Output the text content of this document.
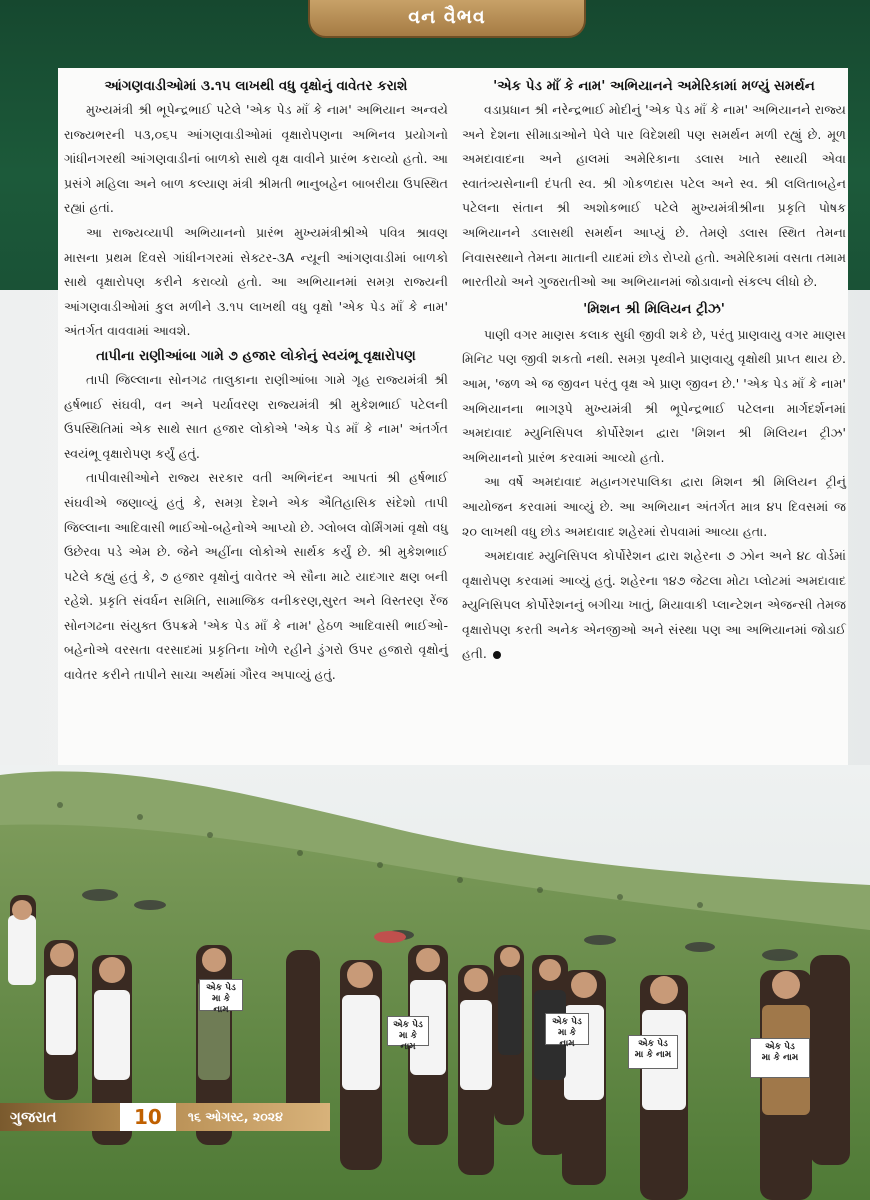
વન વૈભવ
આંગણવાડીઓમાં ૩.૧૫ લાખથી વધુ વૃક્ષોનું વાવેતર કરાશે

મુખ્યમંત્રી શ્રી ભૂપેન્દ્રભાઈ પટેલે 'એક પેડ માઁ કે નામ' અભિયાન અન્વયે રાજ્યભરની ૫૩,૦૬૫ આંગણવાડીઓમાં વૃક્ષારોપણના અભિનવ પ્રયોગનો ગાંધીનગરથી આંગણવાડીનાં બાળકો સાથે વૃક્ષ વાવીને પ્રારંભ કરાવ્યો હતો. આ પ્રસંગે મહિલા અને બાળ કલ્યાણ મંત્રી શ્રીમતી ભાનુબહેન બાબરીયા ઉપસ્થિત રહ્યાં હતાં.

આ રાજ્યવ્યાપી અભિયાનનો પ્રારંભ મુખ્યમંત્રીશ્રીએ પવિત્ર શ્રાવણ માસના પ્રથમ દિવસે ગાંધીનગરમાં સેક્ટર-૩A ન્યૂની આંગણવાડીમાં બાળકો સાથે વૃક્ષારોપણ કરીને કરાવ્યો હતો. આ અભિયાનમાં સમગ્ર રાજ્યની આંગણવાડીઓમાં કુલ મળીને ૩.૧૫ લાખથી વધુ વૃક્ષો 'એક પેડ માઁ કે નામ' અંતર્ગત વાવવામાં આવશે.

તાપીના રાણીઆંબા ગામે ૭ હજાર લોકોનું સ્વયંભૂ વૃક્ષારોપણ

તાપી જિલ્લાના સોનગઢ તાલુકાના રાણીઆંબા ગામે ગૃહ રાજ્યમંત્રી શ્રી હર્ષભાઈ સંઘવી, વન અને પર્યાવરણ રાજ્યમંત્રી શ્રી મુકેશભાઈ પટેલની ઉપસ્થિતિમાં એક સાથે સાત હજાર લોકોએ 'એક પેડ માઁ કે નામ' અંતર્ગત સ્વયંભૂ વૃક્ષારોપણ કર્યું હતું.

તાપીવાસીઓને રાજ્ય સરકાર વતી અભિનંદન આપતાં શ્રી હર્ષભાઈ સંઘવીએ જણાવ્યું હતું કે, સમગ્ર દેશને એક ઐતિહાસિક સંદેશો તાપી જિલ્લાના આદિવાસી ભાઈઓ-બહેનોએ આપ્યો છે. ગ્લોબલ વોર્મિંગમાં વૃક્ષો વધુ ઉછેરવા પડે એમ છે. જેને અહીંના લોકોએ સાર્થક કર્યું છે. શ્રી મુકેશભાઈ પટેલે કહ્યું હતું કે, ૭ હજાર વૃક્ષોનું વાવેતર એ સૌના માટે યાદગાર ક્ષણ બની રહેશે. પ્રકૃતિ સંવર્ધન સમિતિ, સામાજિક વનીકરણ,સુરત અને વિસ્તરણ રેંજ સોનગઢના સંયુક્ત ઉપક્રમે 'એક પેડ માઁ કે નામ' હેઠળ આદિવાસી ભાઈઓ-બહેનોએ વરસતા વરસાદમાં પ્રકૃતિના ખોળે રહીને ડુંગરો ઉપર હજારો વૃક્ષોનું વાવેતર કરીને તાપીને સાચા અર્થમાં ગૌરવ અપાવ્યું હતું.

'એક પેડ માઁ કે નામ' અભિયાનને અમેરિકામાં મળ્યું સમર્થન

વડાપ્રધાન શ્રી નરેન્દ્રભાઈ મોદીનું 'એક પેડ માઁ કે નામ' અભિયાનને રાજ્ય અને દેશના સીમાડાઓને પેલે પાર વિદેશથી પણ સમર્થન મળી રહ્યું છે. મૂળ અમદાવાદના અને હાલમાં અમેરિકાના ડલાસ ખાતે સ્થાયી એવા સ્વાતંત્ર્યસેનાની દંપતી સ્વ. શ્રી ગોકળદાસ પટેલ અને સ્વ. શ્રી લલિતાબહેન પટેલના સંતાન શ્રી અશોકભાઈ પટેલે મુખ્યમંત્રીશ્રીના પ્રકૃતિ પોષક અભિયાનને ડલાસથી સમર્થન આપ્યું છે. તેમણે ડલાસ સ્થિત તેમના નિવાસસ્થાને તેમના માતાની યાદમાં છોડ રોપ્યો હતો. અમેરિકામાં વસતા તમામ ભારતીયો અને ગુજરાતીઓ આ અભિયાનમાં જોડાવાનો સંકલ્પ લીધો છે.

'મિશન શ્રી મિલિયન ટ્રીઝ'

પાણી વગર માણસ કલાક સુધી જીવી શકે છે, પરંતુ પ્રાણવાયુ વગર માણસ મિનિટ પણ જીવી શકતો નથી. સમગ્ર પૃથ્વીને પ્રાણવાયુ વૃક્ષોથી પ્રાપ્ત થાય છે. આમ, 'જળ એ જ જીવન પરંતુ વૃક્ષ એ પ્રાણ જીવન છે.' 'એક પેડ માઁ કે નામ' અભિયાનના ભાગરૂપે મુખ્યમંત્રી શ્રી ભૂપેન્દ્રભાઈ પટેલના માર્ગદર્શનમાં અમદાવાદ મ્યુનિસિપલ કોર્પોરેશન દ્વારા 'મિશન શ્રી મિલિયન ટ્રીઝ' અભિયાનનો પ્રારંભ કરવામાં આવ્યો હતો.

આ વર્ષે અમદાવાદ મહાનગરપાલિકા દ્વારા મિશન શ્રી મિલિયન ટ્રીનું આયોજન કરવામાં આવ્યું છે. આ અભિયાન અંતર્ગત માત્ર ૪૫ દિવસમાં જ ૨૦ લાખથી વધુ છોડ અમદાવાદ શહેરમાં રોપવામાં આવ્યા હતા.

અમદાવાદ મ્યુનિસિપલ કોર્પોરેશન દ્વારા શહેરના ૭ ઝોન અને ૪૮ વોર્ડમાં વૃક્ષારોપણ કરવામાં આવ્યું હતું. શહેરના ૧૪૭ જેટલા મોટા પ્લોટમાં અમદાવાદ મ્યુનિસિપલ કોર્પોરેશનનું બગીચા ખાતું, મિયાવાકી પ્લાન્ટેશન એજન્સી તેમજ વૃક્ષારોપણ કરતી અનેક એનજીઓ અને સંસ્થા પણ આ અભિયાનમાં જોડાઈ હતી.

એક પેડ
મા કે નામ
એક પેડ
મા કે નામ
એક પેડ
મા કે નામ	એક પેડ
મા કે નામ
એક પેડ
મા કે નામ
ગુજરાત	10	૧૬ ઓગસ્ટ, ૨૦૨૪
